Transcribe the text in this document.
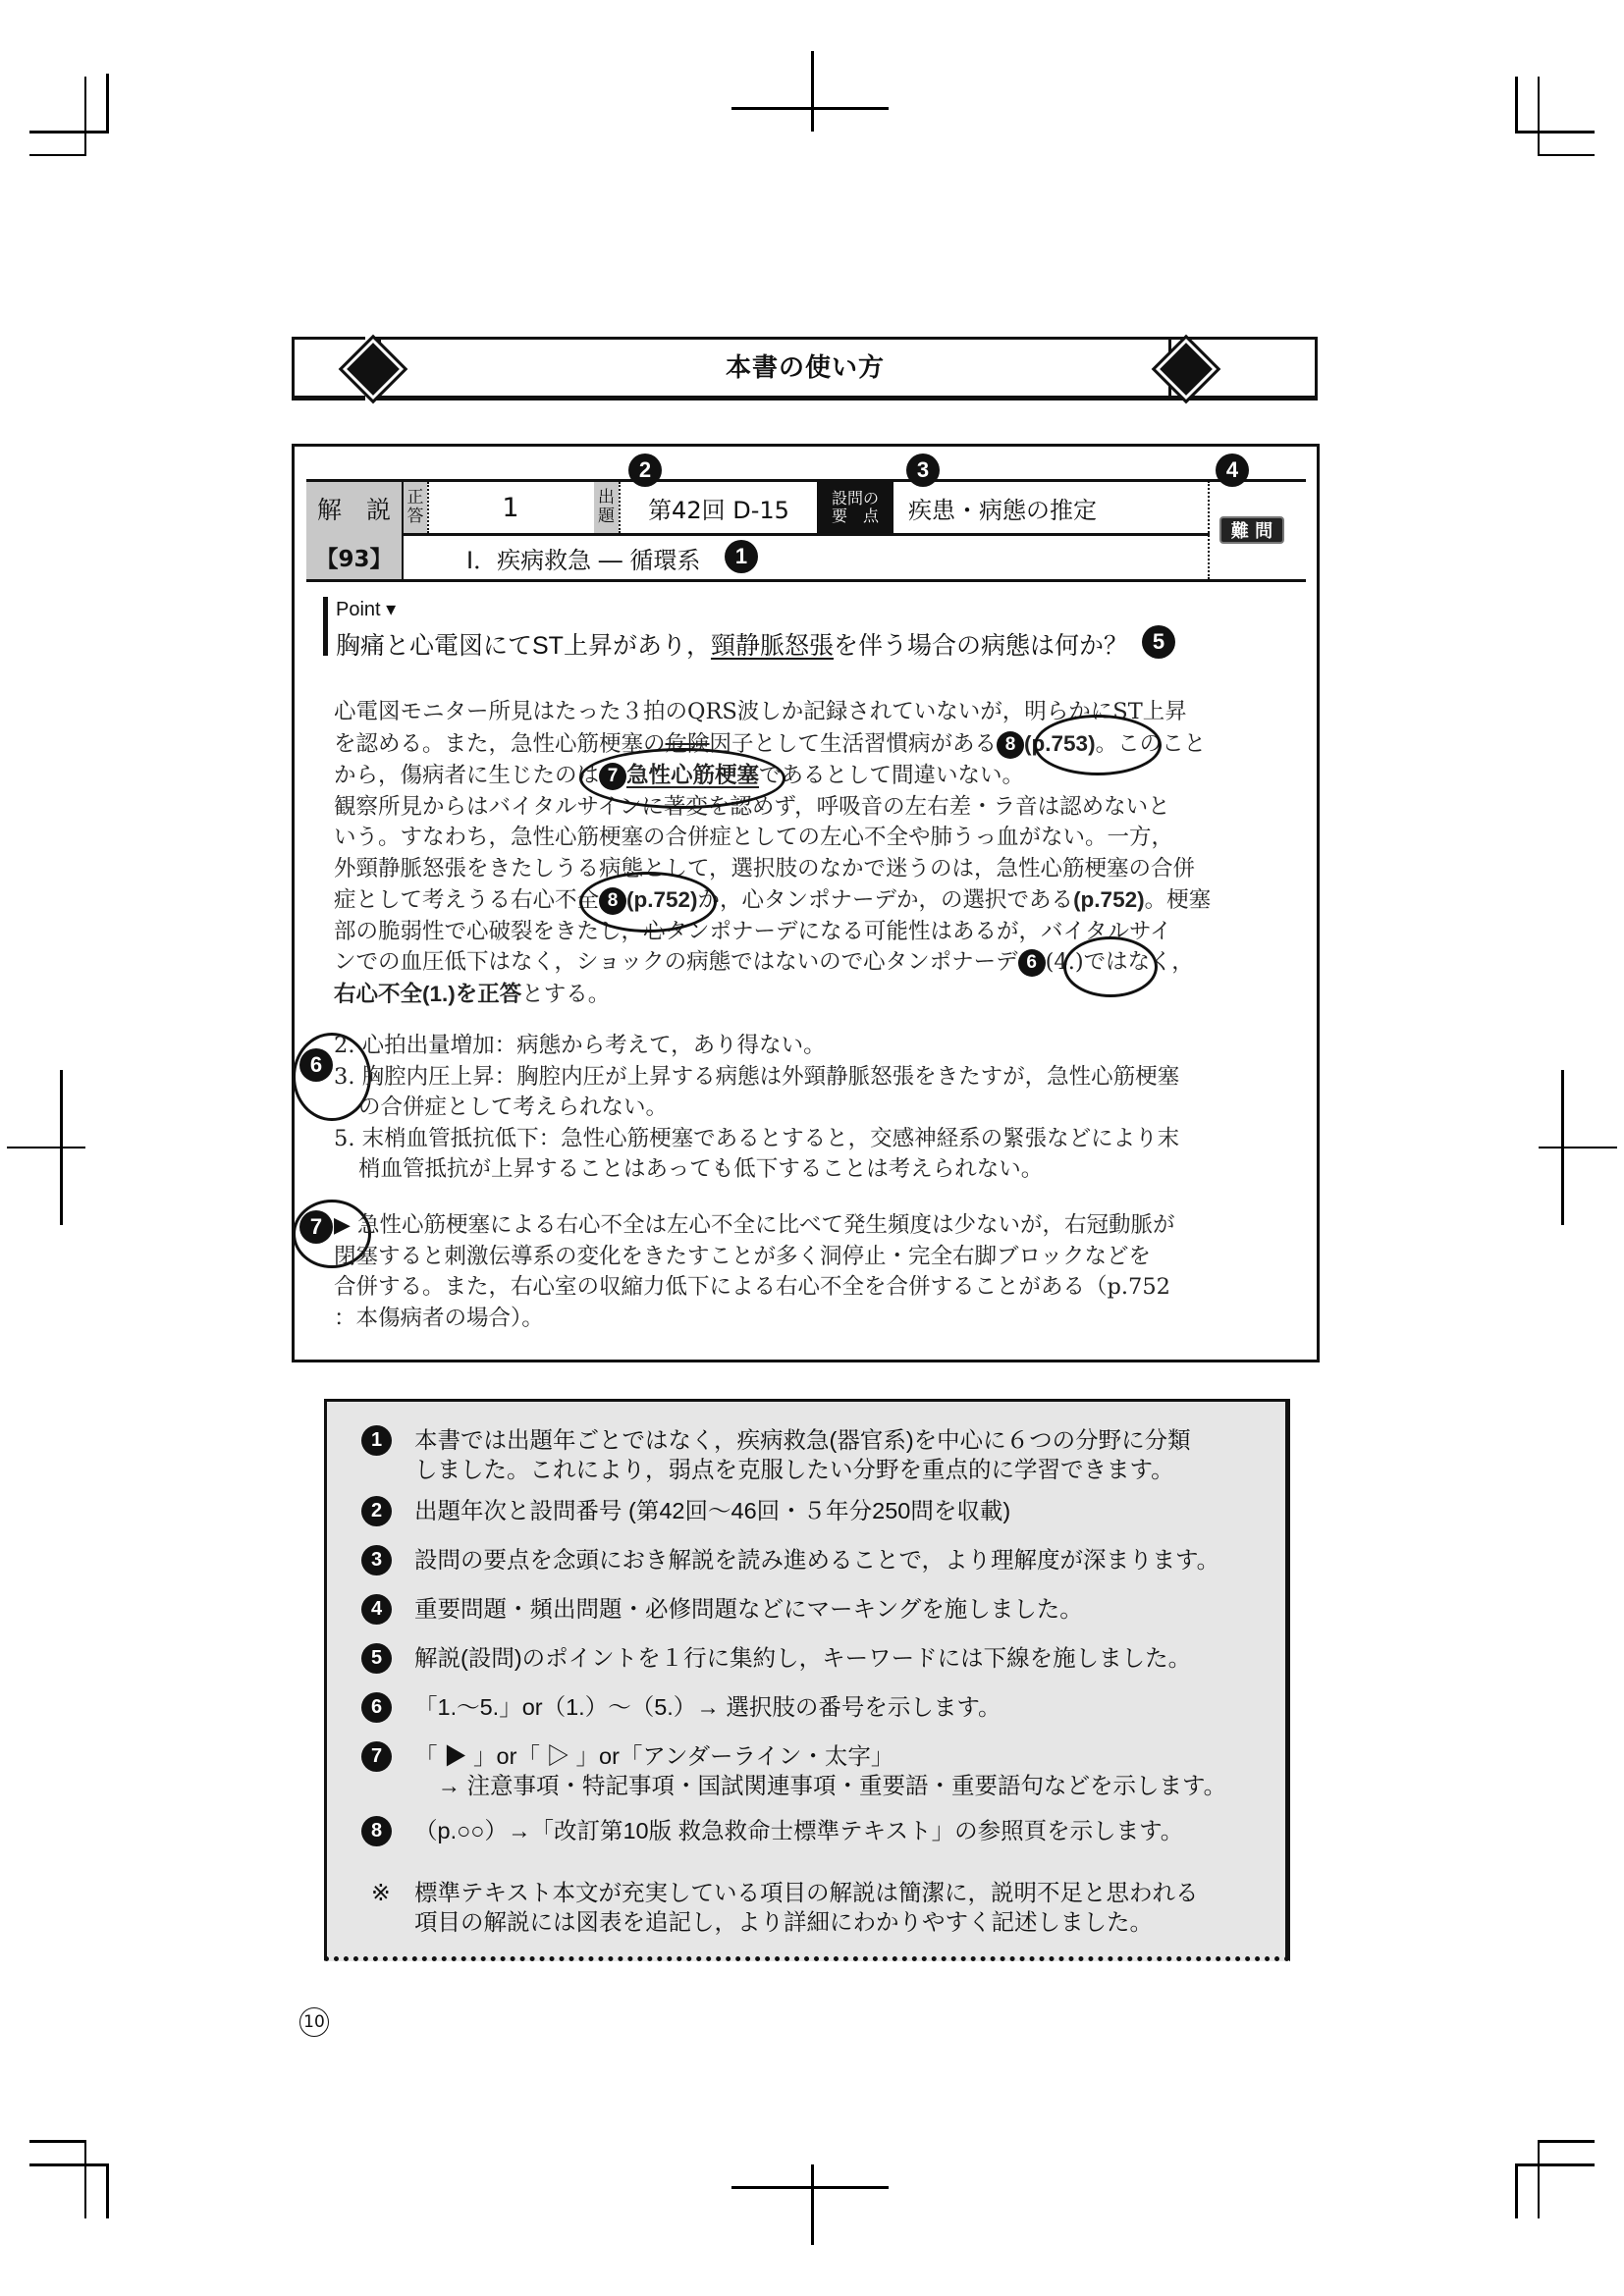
本書の使い方
解　説
【93】
正答	1	出題	第42回 D-15	設問の
要　点 疾患・病態の推定
Ⅰ．疾病救急 ― 循環系
難 問
2	3	4
1
Point ▾
胸痛と心電図にてST上昇があり，頸静脈怒張を伴う場合の病態は何か？	5

心電図モニター所見はたった３拍のQRS波しか記録されていないが，明らかにST上昇

を認める。また，急性心筋梗塞の危険因子として生活習慣病がある 8 (p.753)。このこと

から，傷病者に生じたのは 7 急性心筋梗塞であるとして間違いない。

観察所見からはバイタルサインに著変を認めず，呼吸音の左右差・ラ音は認めないと

いう。すなわち，急性心筋梗塞の合併症としての左心不全や肺うっ血がない。一方，

外頸静脈怒張をきたしうる病態として，選択肢のなかで迷うのは，急性心筋梗塞の合併

症として考えうる右心不全 8 (p.752)か，心タンポナーデか，の選択である(p.752)。梗塞

部の脆弱性で心破裂をきたし，心タンポナーデになる可能性はあるが，バイタルサイ

ンでの血圧低下はなく，ショックの病態ではないので心タンポナーデ 6 (4.)ではなく，

右心不全(1.)を正答とする。

6

2. 心拍出量増加：病態から考えて，あり得ない。

3. 胸腔内圧上昇：胸腔内圧が上昇する病態は外頸静脈怒張をきたすが，急性心筋梗塞

の合併症として考えられない。

5. 末梢血管抵抗低下：急性心筋梗塞であるとすると，交感神経系の緊張などにより末

梢血管抵抗が上昇することはあっても低下することは考えられない。

7 ▶ 急性心筋梗塞による右心不全は左心不全に比べて発生頻度は少ないが，右冠動脈が

閉塞すると刺激伝導系の変化をきたすことが多く洞停止・完全右脚ブロックなどを

合併する。また，右心室の収縮力低下による右心不全を合併することがある（p.752

：本傷病者の場合）。

1	本書では出題年ごとではなく，疾病救急(器官系)を中心に６つの分野に分類
しました。これにより，弱点を克服したい分野を重点的に学習できます。
2	出題年次と設問番号 (第42回〜46回・５年分250問を収載)
3	設問の要点を念頭におき解説を読み進めることで，より理解度が深まります。
4	重要問題・頻出問題・必修問題などにマーキングを施しました。
5	解説(設問)のポイントを１行に集約し，キーワードには下線を施しました。
6	「1.〜5.」or（1.）〜（5.）→ 選択肢の番号を示します。
7	「 ▶ 」or「 ▷ 」or「アンダーライン・太字」
　→ 注意事項・特記事項・国試関連事項・重要語・重要語句などを示します。
8	（p.○○）→「改訂第10版 救急救命士標準テキスト」の参照頁を示します。
※ 標準テキスト本文が充実している項目の解説は簡潔に，説明不足と思われる
項目の解説には図表を追記し，より詳細にわかりやすく記述しました。
10
